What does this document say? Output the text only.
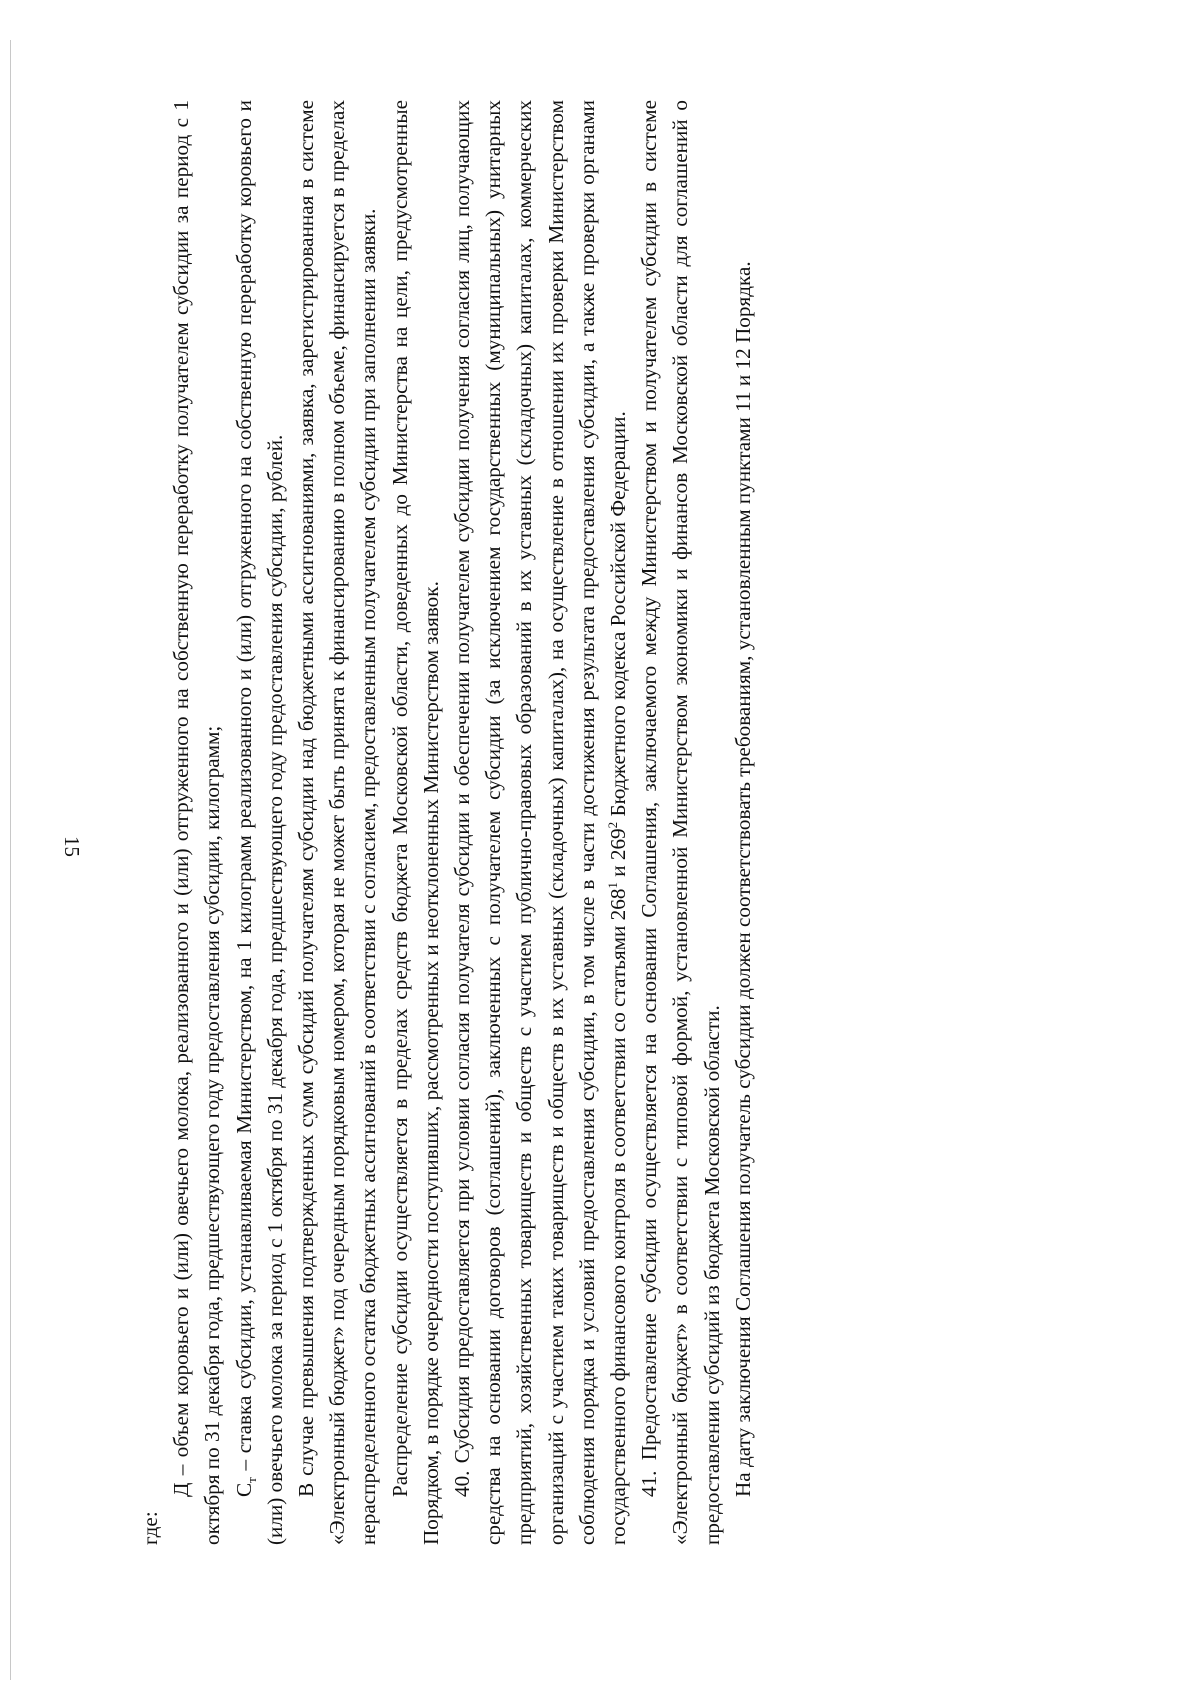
15

где:

Д – объем коровьего и (или) овечьего молока, реализованного и (или) отгруженного на собственную переработку получателем субсидии за период с 1 октября по 31 декабря года, предшествующего году предоставления субсидии, килограмм; $С_т$ – ставка субсидии, устанавливаемая Министерством, на 1 килограмм реализованного и (или) отгруженного на собственную переработку коровьего и (или) овечьего молока за период с 1 октября по 31 декабря года, предшествующего году предоставления субсидии, рублей. В случае превышения подтвержденных сумм субсидий получателям субсидии над бюджетными ассигнованиями, заявка, зарегистрированная в системе «Электронный бюджет» под очередным порядковым номером, которая не может быть принята к финансированию в полном объеме, финансируется в пределах нераспределенного остатка бюджетных ассигнований в соответствии с согласием, предоставленным получателем субсидии при заполнении заявки. Распределение субсидии осуществляется в пределах средств бюджета Московской области, доведенных до Министерства на цели, предусмотренные Порядком, в порядке очередности поступивших, рассмотренных и неотклоненных Министерством заявок. 40. Субсидия предоставляется при условии согласия получателя субсидии и обеспечении получателем субсидии получения согласия лиц, получающих средства на основании договоров (соглашений), заключенных с получателем субсидии (за исключением государственных (муниципальных) унитарных предприятий, хозяйственных товариществ и обществ с участием публично-правовых образований в их уставных (складочных) капиталах, коммерческих организаций с участием таких товариществ и обществ в их уставных (складочных) капиталах), на осуществление в отношении их проверки Министерством соблюдения порядка и условий предоставления субсидии, в том числе в части достижения результата предоставления субсидии, а также проверки органами государственного финансового контроля в соответствии со статьями $268^1$ и $269^2$ Бюджетного кодекса Российской Федерации. 41. Предоставление субсидии осуществляется на основании Соглашения, заключаемого между Министерством и получателем субсидии в системе «Электронный бюджет» в соответствии с типовой формой, установленной Министерством экономики и финансов Московской области для соглашений о предоставлении субсидий из бюджета Московской области. На дату заключения Соглашения получатель субсидии должен соответствовать требованиям, установленным пунктами 11 и 12 Порядка.
